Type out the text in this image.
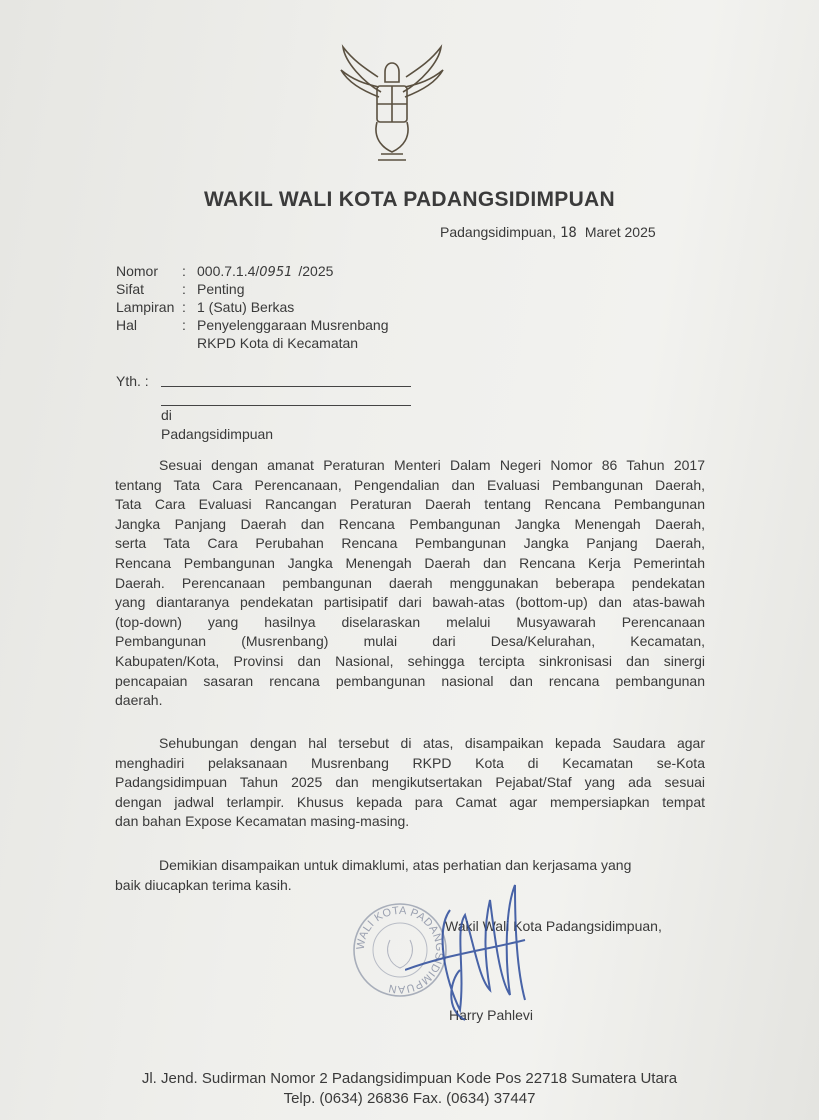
WAKIL WALI KOTA PADANGSIDIMPUAN
Padangsidimpuan, 18 Maret 2025
Nomor : 000.7.1.4/0951 /2025
Sifat	: Penting
Lampiran : 1 (Satu) Berkas
Hal	: Penyelenggaraan Musrenbang
RKPD Kota di Kecamatan
Yth. :
di
Padangsidimpuan
Sesuai dengan amanat Peraturan Menteri Dalam Negeri Nomor 86 Tahun 2017
tentang Tata Cara Perencanaan, Pengendalian dan Evaluasi Pembangunan Daerah,
Tata Cara Evaluasi Rancangan Peraturan Daerah tentang Rencana Pembangunan
Jangka Panjang Daerah dan Rencana Pembangunan Jangka Menengah Daerah,
serta Tata Cara Perubahan Rencana Pembangunan Jangka Panjang Daerah,
Rencana Pembangunan Jangka Menengah Daerah dan Rencana Kerja Pemerintah
Daerah. Perencanaan pembangunan daerah menggunakan beberapa pendekatan
yang diantaranya pendekatan partisipatif dari bawah-atas (bottom-up) dan atas-bawah
(top-down) yang hasilnya diselaraskan melalui Musyawarah Perencanaan
Pembangunan (Musrenbang) mulai dari Desa/Kelurahan, Kecamatan,
Kabupaten/Kota, Provinsi dan Nasional, sehingga tercipta sinkronisasi dan sinergi
pencapaian sasaran rencana pembangunan nasional dan rencana pembangunan
daerah.
Sehubungan dengan hal tersebut di atas, disampaikan kepada Saudara agar
menghadiri pelaksanaan Musrenbang RKPD Kota di Kecamatan se-Kota
Padangsidimpuan Tahun 2025 dan mengikutsertakan Pejabat/Staf yang ada sesuai
dengan jadwal terlampir. Khusus kepada para Camat agar mempersiapkan tempat
dan bahan Expose Kecamatan masing-masing.
Demikian disampaikan untuk dimaklumi, atas perhatian dan kerjasama yang
baik diucapkan terima kasih.
WALI KOTA PADANGSIDIMPUAN
Wakil Wali Kota Padangsidimpuan,
Harry Pahlevi
Jl. Jend. Sudirman Nomor 2 Padangsidimpuan Kode Pos 22718 Sumatera Utara
Telp. (0634) 26836 Fax. (0634) 37447
